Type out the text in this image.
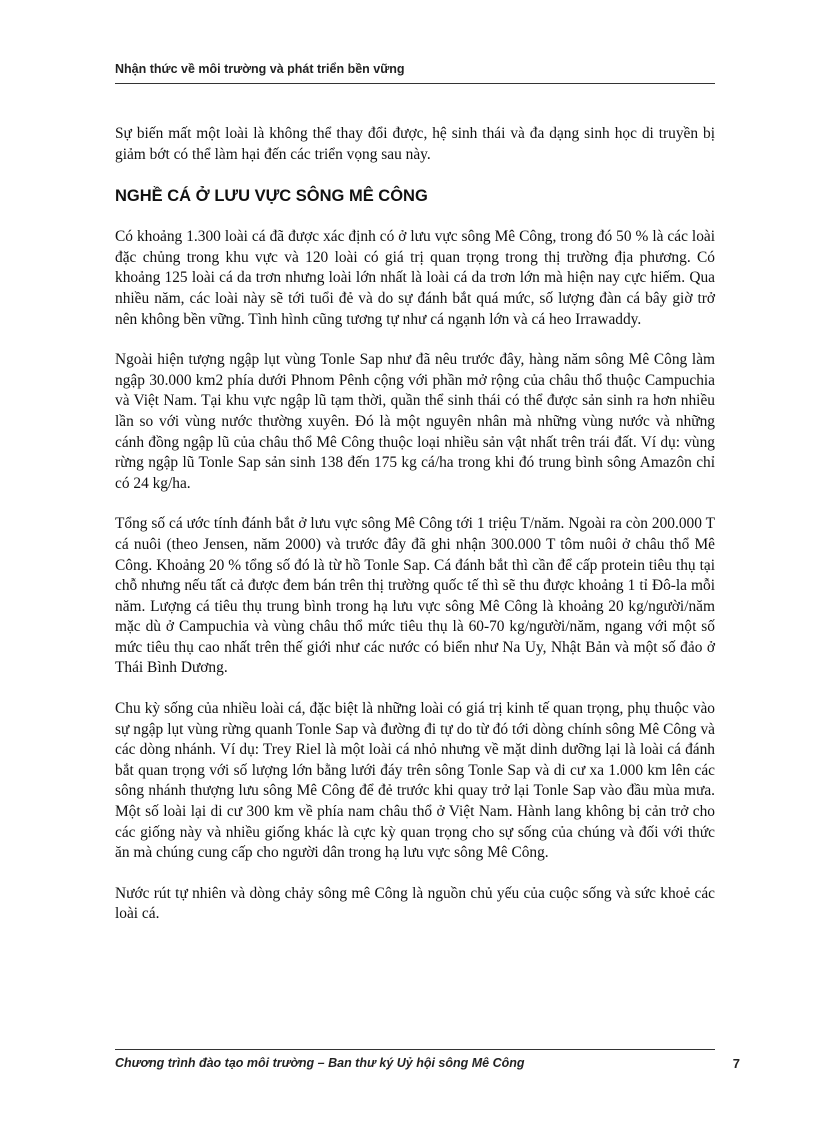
Nhận thức về môi trường và phát triển bền vững

Sự biến mất một loài là không thể thay đổi được, hệ sinh thái và đa dạng sinh học di truyền bị giảm bớt có thể làm hại đến các triển vọng sau này.

NGHỀ CÁ Ở LƯU VỰC SÔNG MÊ CÔNG

Có khoảng 1.300 loài cá đã được xác định có ở lưu vực sông Mê Công, trong đó 50 % là các loài đặc chủng trong khu vực và 120 loài có giá trị quan trọng trong thị trường địa phương. Có khoảng 125 loài cá da trơn nhưng loài lớn nhất là loài cá da trơn lớn mà hiện nay cực hiếm. Qua nhiều năm, các loài này sẽ tới tuổi đẻ và do sự đánh bắt quá mức, số lượng đàn cá bây giờ trở nên không bền vững. Tình hình cũng tương tự như cá ngạnh lớn và cá heo Irrawaddy.

Ngoài hiện tượng ngập lụt vùng Tonle Sap như đã nêu trước đây, hàng năm sông Mê Công làm ngập 30.000 km2 phía dưới Phnom Pênh cộng với phần mở rộng của châu thổ thuộc Campuchia và Việt Nam. Tại khu vực ngập lũ tạm thời, quần thể sinh thái có thể được sản sinh ra hơn nhiều lần so với vùng nước thường xuyên. Đó là một nguyên nhân mà những vùng nước và những cánh đồng ngập lũ của châu thổ Mê Công thuộc loại nhiều sản vật nhất trên trái đất. Ví dụ: vùng rừng ngập lũ Tonle Sap sản sinh 138 đến 175 kg cá/ha trong khi đó trung bình sông Amazôn chỉ có 24 kg/ha.

Tổng số cá ước tính đánh bắt ở lưu vực sông Mê Công tới 1 triệu T/năm. Ngoài ra còn 200.000 T cá nuôi (theo Jensen, năm 2000) và trước đây đã ghi nhận 300.000 T tôm nuôi ở châu thổ Mê Công. Khoảng 20 % tổng số đó là từ hồ Tonle Sap. Cá đánh bắt thì cần để cấp protein tiêu thụ tại chỗ nhưng nếu tất cả được đem bán trên thị trường quốc tế thì sẽ thu được khoảng 1 tỉ Đô-la mỗi năm. Lượng cá tiêu thụ trung bình trong hạ lưu vực sông Mê Công là khoảng 20 kg/người/năm mặc dù ở Campuchia và vùng châu thổ mức tiêu thụ là 60-70 kg/người/năm, ngang với một số mức tiêu thụ cao nhất trên thế giới như các nước có biển như Na Uy, Nhật Bản và một số đảo ở Thái Bình Dương.

Chu kỳ sống của nhiều loài cá, đặc biệt là những loài có giá trị kinh tế quan trọng, phụ thuộc vào sự ngập lụt vùng rừng quanh Tonle Sap và đường đi tự do từ đó tới dòng chính sông Mê Công và các dòng nhánh. Ví dụ: Trey Riel là một loài cá nhỏ nhưng về mặt dinh dưỡng lại là loài cá đánh bắt quan trọng với số lượng lớn bằng lưới đáy trên sông Tonle Sap và di cư xa 1.000 km lên các sông nhánh thượng lưu sông Mê Công để đẻ trước khi quay trở lại Tonle Sap vào đầu mùa mưa. Một số loài lại di cư 300 km về phía nam châu thổ ở Việt Nam. Hành lang không bị cản trở cho các giống này và nhiều giống khác là cực kỳ quan trọng cho sự sống của chúng và đối với thức ăn mà chúng cung cấp cho người dân trong hạ lưu vực sông Mê Công.

Nước rút tự nhiên và dòng chảy sông mê Công là nguồn chủ yếu của cuộc sống và sức khoẻ các loài cá.

Chương trình đào tạo môi trường – Ban thư ký Uỷ hội sông Mê Công	7
